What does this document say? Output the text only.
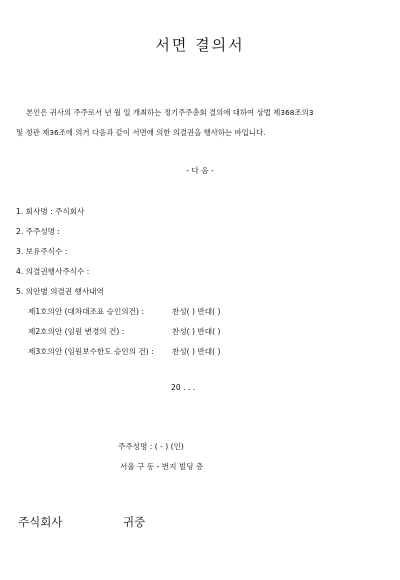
서면 결의서
본인은 귀사의 주주로서 년 월 일 개최하는 정기주주총회 결의에 대하여 상법 제368조의3
및 정관 제36조에 의거 다음과 같이 서면에 의한 의결권을 행사하는 바입니다.
- 다 음 -
1. 회사명 : 주식회사
2. 주주성명 :
3. 보유주식수 :
4. 의결권행사주식수 :
5. 의안별 의결권 행사내역
제1호의안 (대차대조표 승인의건) :	찬성( ) 반대( )
제2호의안 (임원 변경의 건) :	찬성( ) 반대( )
제3호의안 (임원보수한도 승인의 건) : 찬성( ) 반대( )
20 . . .
주주성명 : ( - ) (인)
서울 구 동 - 번지 빌딩 층
주식회사	귀중
